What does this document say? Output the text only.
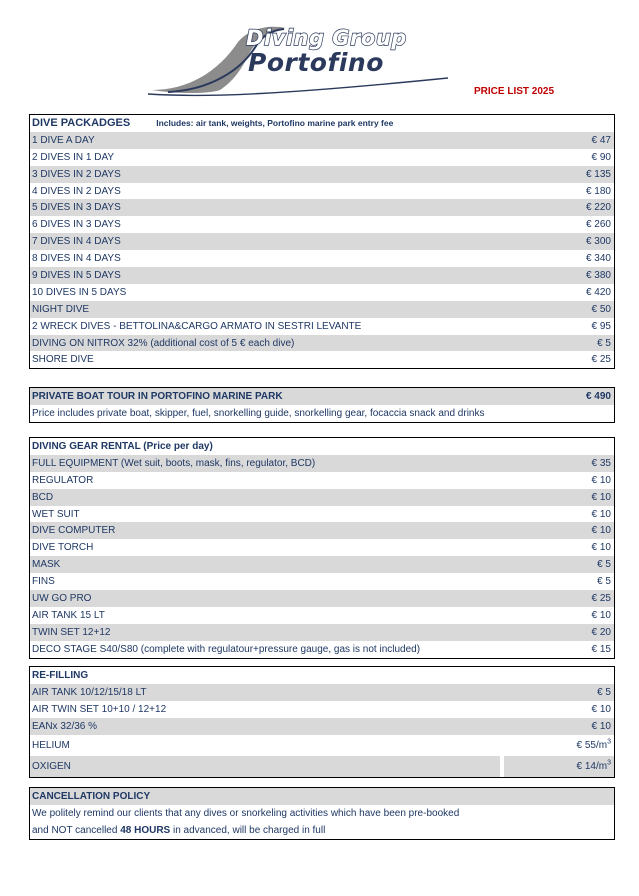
Diving Group
Portofino
PRICE LIST 2025
DIVE PACKADGES	Includes: air tank, weights, Portofino marine park entry fee
1 DIVE A DAY	€ 47
2 DIVES IN 1 DAY	€ 90
3 DIVES IN 2 DAYS	€ 135
4 DIVES IN 2 DAYS	€ 180
5 DIVES IN 3 DAYS	€ 220
6 DIVES IN 3 DAYS	€ 260
7 DIVES IN 4 DAYS	€ 300
8 DIVES IN 4 DAYS	€ 340
9 DIVES IN 5 DAYS	€ 380
10 DIVES IN 5 DAYS	€ 420
NIGHT DIVE	€ 50
2 WRECK DIVES - BETTOLINA&CARGO ARMATO IN SESTRI LEVANTE	€ 95
DIVING ON NITROX 32% (additional cost of 5 € each dive)	€ 5
SHORE DIVE	€ 25
PRIVATE BOAT TOUR IN PORTOFINO MARINE PARK	€ 490
Price includes private boat, skipper, fuel, snorkelling guide, snorkelling gear, focaccia snack and drinks
DIVING GEAR RENTAL (Price per day)
FULL EQUIPMENT (Wet suit, boots, mask, fins, regulator, BCD)	€ 35
REGULATOR	€ 10
BCD	€ 10
WET SUIT	€ 10
DIVE COMPUTER	€ 10
DIVE TORCH	€ 10
MASK	€ 5
FINS	€ 5
UW GO PRO	€ 25
AIR TANK 15 LT	€ 10
TWIN SET 12+12	€ 20
DECO STAGE S40/S80 (complete with regulatour+pressure gauge, gas is not included)	€ 15
RE-FILLING
AIR TANK 10/12/15/18 LT	€ 5
AIR TWIN SET 10+10 / 12+12	€ 10
EANx 32/36 %	€ 10
HELIUM	€ $55/m^3$
OXIGEN	€ $14/m^3$
CANCELLATION POLICY
We politely remind our clients that any dives or snorkeling activities which have been pre-booked
and NOT cancelled 48 HOURS in advanced, will be charged in full
